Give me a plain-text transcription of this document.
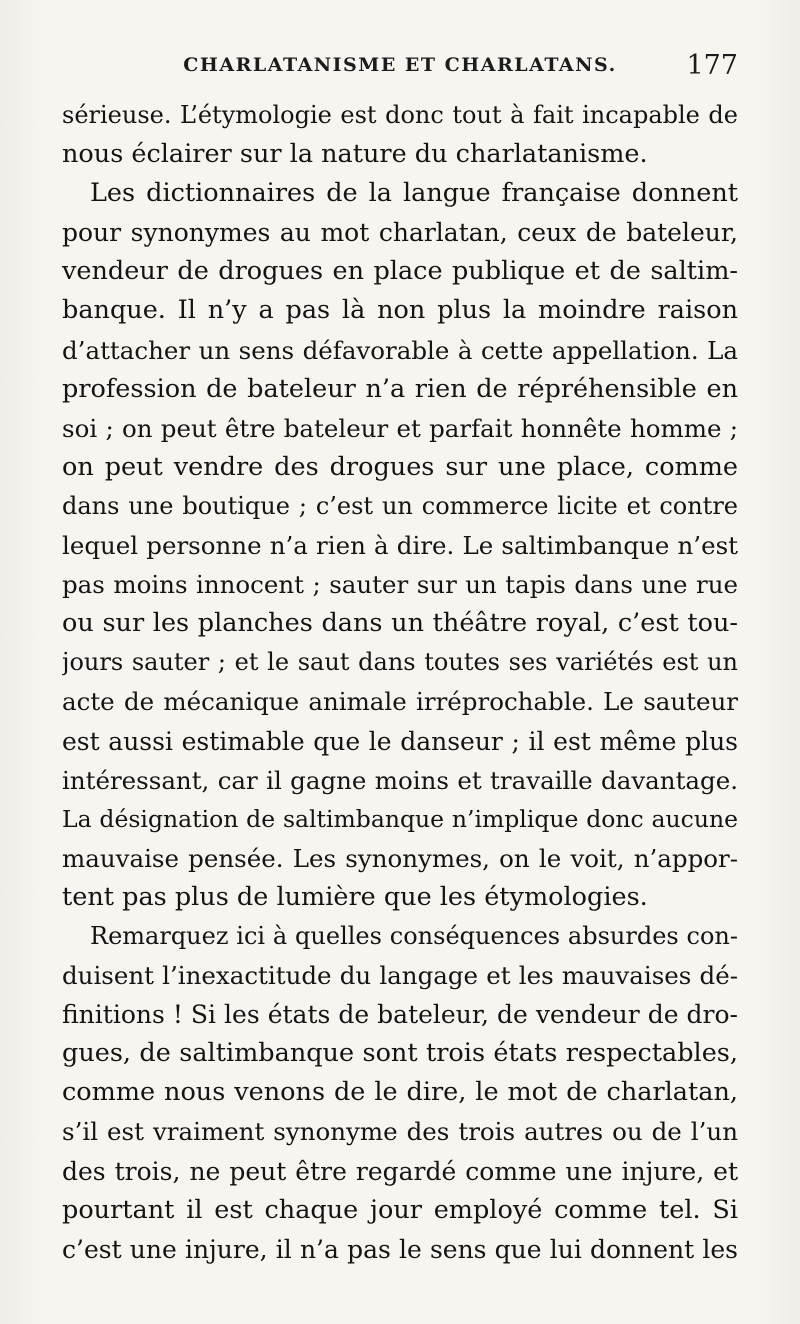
CHARLATANISME ET CHARLATANS.	177
sérieuse. L’étymologie est donc tout à fait incapable de
nous éclairer sur la nature du charlatanisme.
Les dictionnaires de la langue française donnent
pour synonymes au mot charlatan, ceux de bateleur,
vendeur de drogues en place publique et de saltim-
banque. Il n’y a pas là non plus la moindre raison
d’attacher un sens défavorable à cette appellation. La
profession de bateleur n’a rien de répréhensible en
soi ; on peut être bateleur et parfait honnête homme ;
on peut vendre des drogues sur une place, comme
dans une boutique ; c’est un commerce licite et contre
lequel personne n’a rien à dire. Le saltimbanque n’est
pas moins innocent ; sauter sur un tapis dans une rue
ou sur les planches dans un théâtre royal, c’est tou-
jours sauter ; et le saut dans toutes ses variétés est un
acte de mécanique animale irréprochable. Le sauteur
est aussi estimable que le danseur ; il est même plus
intéressant, car il gagne moins et travaille davantage.
La désignation de saltimbanque n’implique donc aucune
mauvaise pensée. Les synonymes, on le voit, n’appor-
tent pas plus de lumière que les étymologies.
Remarquez ici à quelles conséquences absurdes con-
duisent l’inexactitude du langage et les mauvaises dé-
finitions ! Si les états de bateleur, de vendeur de dro-
gues, de saltimbanque sont trois états respectables,
comme nous venons de le dire, le mot de charlatan,
s’il est vraiment synonyme des trois autres ou de l’un
des trois, ne peut être regardé comme une injure, et
pourtant il est chaque jour employé comme tel. Si
c’est une injure, il n’a pas le sens que lui donnent les
